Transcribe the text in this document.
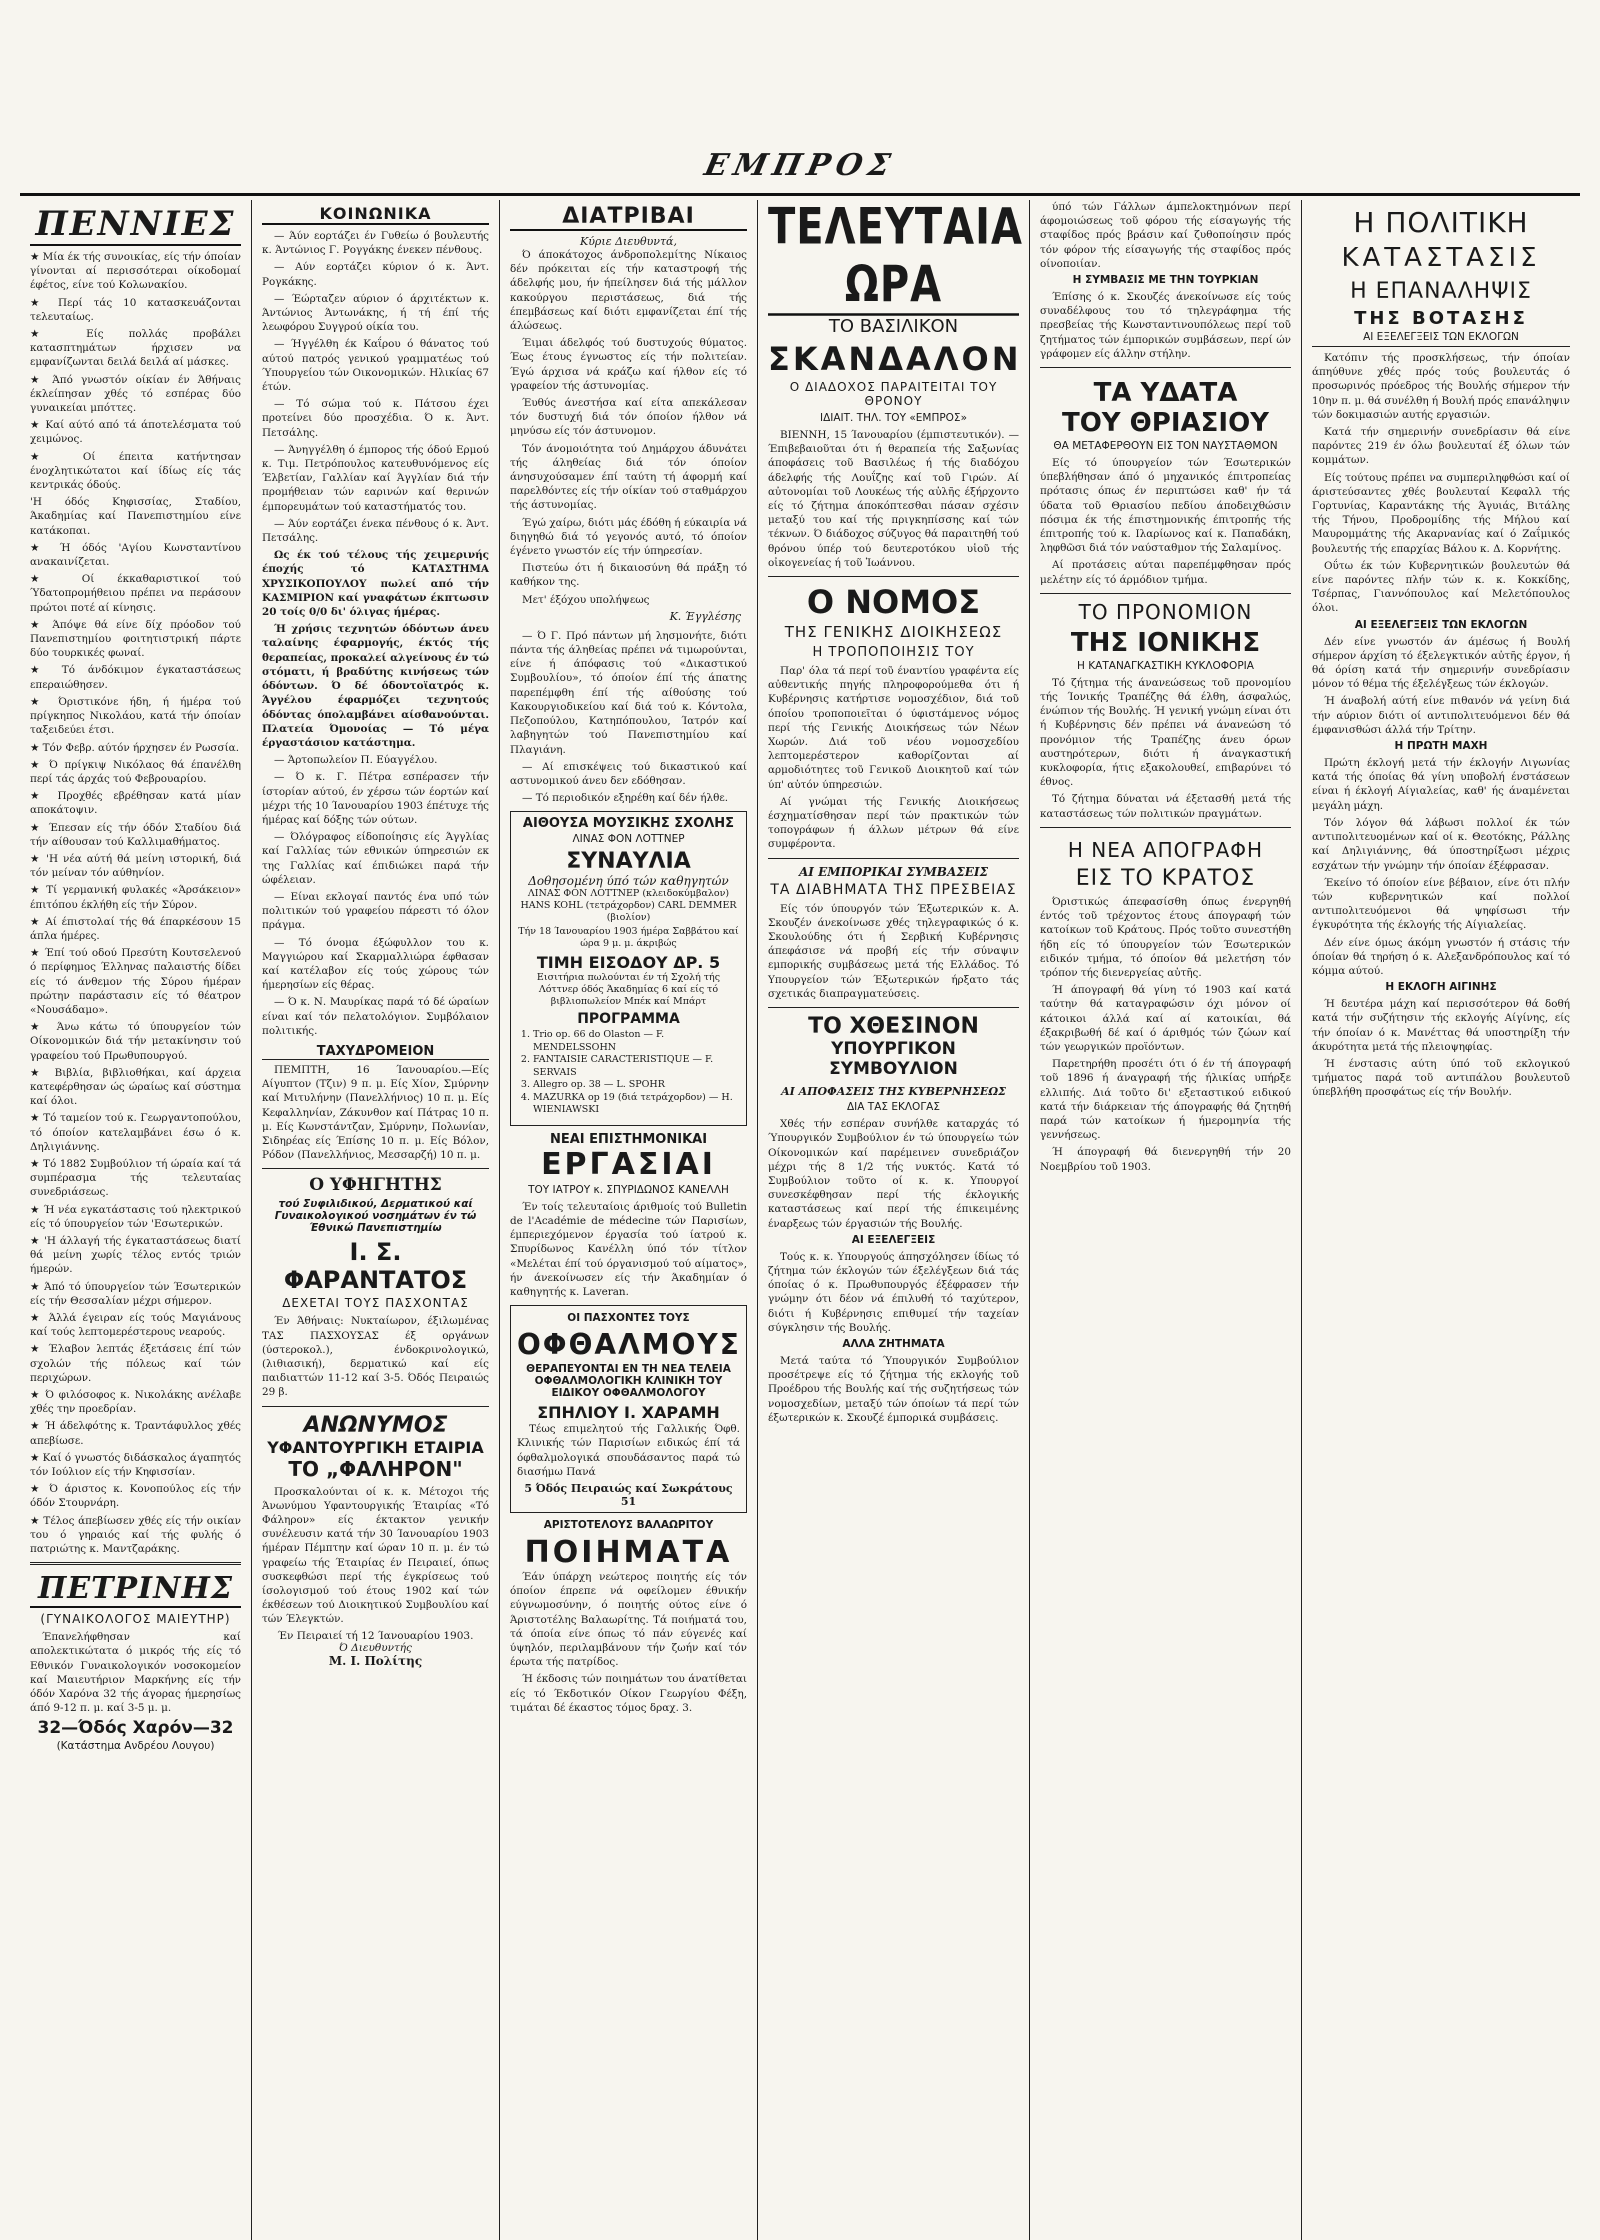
ΕΜΠΡΟΣ
ΠΕΝΝΙΕΣ

★ Μία έκ τής συνοικίας, είς τήν όποίαν γίνονται αί περισσότεραι οίκοδομαί έφέτος, είνε τού Κολωνακίου.

★ Περί τάς 10 κατασκευάζονται τελευταίως.

★ Είς πολλάς προβάλει κατασπτημάτων ήρχισεν να εμφανίζωνται δειλά δειλά αί μάσκες.

★ Άπό γνωστόν οίκίαν έν Άθήναις έκλείπησαν χθές τό εσπέρας δύο γυναικείαι μπόττες.

★ Καί αύτό από τά άποτελέσματα τού χειμώνος.

★ Οί έπειτα κατήντησαν ένοχλητικώτατοι καί ίδίως είς τάς κεντρικάς όδούς.

'Η όδός Κηφισσίας, Σταδίου, Άκαδημίας καί Πανεπιστημίου είνε κατάκοπαι.

★ Ή όδός 'Αγίου Κωνσταντίνου ανακαινίζεται.

★ Οί έκκαθαριστικοί τού Ύδατοπρομήθειου πρέπει να περάσουν πρώτοι ποτέ αί κίνησις.

★ Άπόψε θά είνε δίχ πρόοδον τού Πανεπιστημίου φοιτητιστρική πάρτε δύο τουρκικές φωναί.

★ Τό άνδόκιμον έγκαταστάσεως επεραιώθησεν.

★ Όριστικόνε ήδη, ή ήμέρα τού πρίγκηπος Νικολάου, κατά τήν όποίαν ταξειδεύει έτσι.

★ Τόν Φεβρ. αύτόν ήρχησεν έν Ρωσσία.

★ Ό πρίγκιψ Νικόλαος θά έπανέλθη περί τάς άρχάς τού Φεβρουαρίου.

★ Προχθές εβρέθησαν κατά μίαν αποκάτοψιν.

★ Έπεσαν είς τήν όδόν Σταδίου διά τήν αίθουσαν τού Καλλιμαθήματος.

★ 'Η νέα αύτή θά μείνη ιστορική, διά τόν μείναν τόν αύθηνίον.

★ Τί γερμανική φυλακές «Άρσάκειον» έπιτόπου έκλήθη είς τήν Σύρον.

★ Αί έπιστολαί τής θά έπαρκέσουν 15 άπλα ήμέρες.

★ Έπί τού οδού Πρεσύτη Κουτσελενού ό περίφημος Έλληνας παλαιστής δίδει είς τό άνθεμον τής Σύρου ήμέραν πρώτην παράστασιν είς τό θέατρον «Νουσάδαμο».

★ Άνω κάτω τό ύπουργείον τών Οίκονομικών διά τήν μετακίνησιν τού γραφείου τού Πρωθυπουργού.

★ Βιβλία, βιβλιοθήκαι, καί άρχεια κατεφέρθησαν ώς ώραίως καί σύστημα καί όλοι.

★ Τό ταμείον τού κ. Γεωργαντοπούλου, τό όποίον κατελαμβάνει έσω ό κ. Δηλιγιάννης.

★ Τό 1882 Συμβούλιον τή ώραία καί τά συμπέρασμα τής τελευταίας συνεδριάσεως.

★ Ή νέα εγκατάστασις τού ηλεκτρικού είς τό ύπουργείον τών 'Εσωτερικών.

★ 'Η άλλαγή τής έγκαταστάσεως διατί θά μείνη χωρίς τέλος εντός τριών ήμερών.

★ Άπό τό ύπουργείον τών Έσωτερικών είς τήν Θεσσαλίαν μέχρι σήμερον.

★ Άλλά έγειραν είς τούς Μαγιάνους καί τούς λεπτομερέστερους νεαρούς.

★ Έλαβον λεπτάς έξετάσεις έπί τών σχολών τής πόλεως καί τών περιχώρων.

★ Ό φιλόσοφος κ. Νικολάκης ανέλαβε χθές την προεδρίαν.

★ Ή άδελφότης κ. Τραντάφυλλος χθές απεβίωσε.

★ Καί ό γνωστός διδάσκαλος άγαπητός τόν Ιούλιον είς τήν Κηφισσίαν.

★ Ό άριστος κ. Κονοπούλος είς τήν όδόν Στουρνάρη.

★ Τέλος άπεβίωσεν χθές είς τήν οικίαν του ό γηραιός καί τής φυλής ό πατριώτης κ. Μαντζαράκης.

ΠΕΤΡΙΝΗΣ
(ΓΥΝΑΙΚΟΛΟΓΟΣ ΜΑΙΕΥΤΗΡ)

Έπανελήφθησαν καί απολεκτικώτατα ό μικρός τής είς τό Εθνικόν Γυναικολογικόν νοσοκομείον καί Μαιευτήριον Μαρκήνης είς τήν όδόν Χαρόνα 32 τής άγορας ήμερησίως άπό 9-12 π. μ. καί 3-5 μ. μ.

32—Όδός Χαρόν—32
(Κατάστημα Ανδρέου Λουγου)
ΚΟΙΝΩΝΙΚΑ

— Άύν εορτάζει έν Γυθείω ό βουλευτής κ. Άντώνιος Γ. Ρογγάκης ένεκεν πένθους.

— Αύν εορτάζει κύριον ό κ. Άντ. Ρογκάκης.

— Έώρταζεν αύριον ό άρχιτέκτων κ. Άντώνιος Άντωνάκης, ή τή έπί τής λεωφόρου Συγγρού οίκία του.

— Ήγγέλθη έκ Καΐρου ό θάνατος τού αύτού πατρός γενικού γραμματέως τού Ύπουργείου τών Οικονομικών. Ηλικίας 67 έτών.

— Τό σώμα τού κ. Πάτσου έχει προτείνει δύο προσχέδια. Ό κ. Άντ. Πετσάλης.

— Άνηγγέλθη ό έμπορος τής όδού Ερμού κ. Τιμ. Πετρόπουλος κατευθυνόμενος είς Έλβετίαν, Γαλλίαν καί Άγγλίαν διά τήν προμήθειαν τών εαρινών καί θερινών έμπορευμάτων τού καταστήματός του.

— Άύν εορτάζει ένεκα πένθους ό κ. Άντ. Πετσάλης.

Ως έκ τού τέλους τής χειμερινής έποχής τό ΚΑΤΑΣΤΗΜΑ ΧΡΥΣΙΚΟΠΟΥΛΟΥ πωλεί από τήν ΚΑΣΜΙΡΙΟΝ καί γναφάτων έκπτωσιν 20 τοίς 0/0 δι' όλιγας ήμέρας.

Ή χρήσις τεχνητών όδόντων άνευ ταλαίνης έφαρμογής, έκτός τής θεραπείας, προκαλεί αλγείνους έν τώ στόματι, ή βραδύτης κινήσεως τών όδόντων. Ό δέ όδοντοϊατρός κ. Άγγέλου έφαρμόζει τεχνητούς όδόντας όπολαμβάνει αίσθανούνται. Πλατεία Όμονοίας — Τό μέγα έργαστάσιον κατάστημα.

— Άρτοπωλείον Π. Εύαγγέλου.

— Ό κ. Γ. Πέτρα εσπέρασεν τήν ίστορίαν αύτού, έν χέρσω τών έορτών καί μέχρι τής 10 Ίανουαρίου 1903 έπέτυχε τής ήμέρας καί δόξης τών ούτων.

— Όλόγραφος είδοποίησις είς Άγγλίας καί Γαλλίας τών εθνικών ύπηρεσιών εκ της Γαλλίας καί έπιδιώκει παρά τήν ώφέλειαν.

— Είναι εκλογαί παντός ένα υπό τών πολιτικών τού γραφείου πάρεστι τό όλον πράγμα.

— Τό όνομα έξώφυλλον του κ. Μαγγιώρου καί Σκαρμαλλιώρα έφθασαν καί κατέλαβον είς τούς χώρους τών ήμερησίων είς θέρας.

— Ό κ. Ν. Μαυρίκας παρά τό δέ ώραίων είναι καί τόν πελατολόγιον. Συμβόλαιον πολιτικής.

ΤΑΧΥΔΡΟΜΕΙΟΝ

ΠΕΜΠΤΗ, 16 Ίανουαρίου.—Είς Αίγυπτον (Τζιν) 9 π. μ. Είς Χίον, Σμύρνην καί Μιτυλήνην (Πανελλήνιος) 10 π. μ. Είς Κεφαλληνίαν, Ζάκυνθον καί Πάτρας 10 π. μ. Είς Κωνστάντζαν, Σμύρνην, Πολωνίαν, Σιδηρέας είς Έπίσης 10 π. μ. Είς Βόλον, Ρόδον (Πανελλήνιος, Μεσσαρζή) 10 π. μ.

Ο ΥΦΗΓΗΤΗΣ
τού Συφιλιδικού, Δερματικού καί Γυναικολογικού νοσημάτων έν τώ Έθνικώ Πανεπιστημίω
Ι. Σ. ΦΑΡΑΝΤΑΤΟΣ
ΔΕΧΕΤΑΙ ΤΟΥΣ ΠΑΣΧΟΝΤΑΣ

Έν Άθήναις: Νυκταίωρον, έξιλωμένας ΤΑΣ ΠΑΣΧΟΥΣΑΣ έξ οργάνων (ύστεροκολ.), ένδοκρινολογικώ, (λιθιασική), δερματικώ καί είς παιδιαττών 11-12 καί 3-5. Όδός Πειραιώς 29 β.

ΑΝΩΝΥΜΟΣ
ΥΦΑΝΤΟΥΡΓΙΚΗ ΕΤΑΙΡΙΑ
ΤΟ „ΦΑΛΗΡΟΝ"

Προσκαλούνται οί κ. κ. Μέτοχοι τής Άνωνύμου Υφαντουργικής Έταιρίας «Τό Φάληρον» είς έκτακτον γενικήν συνέλευσιν κατά τήν 30 Ίανουαρίου 1903 ήμέραν Πέμπτην καί ώραν 10 π. μ. έν τώ γραφείω τής Έταιρίας έν Πειραιεί, όπως συσκεφθώσι περί τής έγκρίσεως τού ίσολογισμού τού έτους 1902 καί τών έκθέσεων τού Διοικητικού Συμβουλίου καί τών Έλεγκτών.

Έν Πειραιεί τή 12 Ίανουαρίου 1903.
Ό Διευθυντής
Μ. Ι. Πολίτης
ΔΙΑΤΡΙΒΑΙ
Κύριε Διευθυντά,

Ό άποκάτοχος άνδροπολεμίτης Νίκαιος δέν πρόκειται είς τήν καταστροφή τής άδελφής μου, ήν ήπείλησεν διά τής μάλλον κακούργου περιστάσεως, διά τής έπεμβάσεως καί διότι εμφανίζεται έπί τής άλώσεως.

Έιμαι άδελφός τού δυστυχούς θύματος. Έως έτους έγνωστος είς τήν πολιτείαν. Έγώ άρχισα νά κράζω καί ήλθον είς τό γραφείον τής άστυνομίας.

Έυθύς άνεστήσα καί είτα απεκάλεσαν τόν δυστυχή διά τόν όποίον ήλθον νά μηνύσω είς τόν άστυνομον.

Τόν άνομοιότητα τού Δημάρχου άδυνάτει τής άληθείας διά τόν όποίον άνησυχούσαμεν έπί ταύτη τή άφορμή καί παρελθόντες είς τήν οίκίαν τού σταθμάρχου τής άστυνομίας.

Έγώ χαίρω, διότι μάς έδόθη ή εύκαιρία νά διηγηθώ διά τό γεγονός αυτό, τό όποίον έγένετο γνωστόν είς τήν ύπηρεσίαν.

Πιστεύω ότι ή δικαιοσύνη θά πράξη τό καθήκον της.

Μετ' έξόχου υπολήψεως

Κ. Έγγλέσης

— Ό Γ. Πρό πάντων μή λησμονήτε, διότι πάντα τής άληθείας πρέπει νά τιμωρούνται, είνε ή άπόφασις τού «Δικαστικού Συμβουλίου», τό όποίον έπί τής άπατης παρεπέμφθη έπί τής αίθούσης τού Κακουργιοδικείου καί διά τού κ. Κόντολα, Πεζοπούλου, Κατηπόπουλου, Ίατρόν καί λαβηγητών τού Πανεπιστημίου καί Πλαγιάνη.

— Αί επισκέψεις τού δικαστικού καί αστυνομικού άνευ δεν εδόθησαν.

— Τό περιοδικόν εξηρέθη καί δέν ήλθε.

ΑΙΘΟΥΣΑ ΜΟΥΣΙΚΗΣ ΣΧΟΛΗΣ
ΛΙΝΑΣ ΦΟΝ ΛΟΤΤΝΕΡ
ΣΥΝΑΥΛΙΑ
Δοθησομένη ύπό τών καθηγητών
ΛΙΝΑΣ ΦΟΝ ΛΟΤΤΝΕΡ (κλειδοκύμβαλον) HANS KOHL (τετράχορδον) CARL DEMMER (βιολίον)
Τήν 18 Ίανουαρίου 1903 ήμέρα Σαββάτου καί ώρα 9 μ. μ. άκριβώς
ΤΙΜΗ ΕΙΣΟΔΟΥ ΔΡ. 5
Εισιτήρια πωλούνται έν τή Σχολή τής Λόττνερ όδός Άκαδημίας 6 καί είς τό βιβλιοπωλείον Μπέκ καί Μπάρτ
ΠΡΟΓΡΑΜΜΑ
1. Trio op. 66 do Olaston — F. MENDELSSOHN
2. FANTAISIE CARACTERISTIQUE — F. SERVAIS
3. Allegro op. 38 — L. SPOHR
4. MAZURKA op 19 (διά τετράχορδον) — H. WIENIAWSKI
ΝΕΑΙ ΕΠΙΣΤΗΜΟΝΙΚΑΙ
ΕΡΓΑΣΙΑΙ
ΤΟΥ ΙΑΤΡΟΥ κ. ΣΠΥΡΙΔΩΝΟΣ ΚΑΝΕΛΛΗ

Έν τοίς τελευταίοις άριθμοίς τού Bulletin de l'Académie de médecine τών Παρισίων, έμπεριεχόμενον έργασία τού ίατρού κ. Σπυρίδωνος Κανέλλη ύπό τόν τίτλον «Μελέται έπί τού όργανισμού τού αίματος», ήν άνεκοίνωσεν είς τήν Άκαδημίαν ό καθηγητής κ. Laveran.

ΟΙ ΠΑΣΧΟΝΤΕΣ ΤΟΥΣ
ΟΦΘΑΛΜΟΥΣ
ΘΕΡΑΠΕΥΟΝΤΑΙ ΕΝ ΤΗ ΝΕΑ ΤΕΛΕΙΑ ΟΦΘΑΛΜΟΛΟΓΙΚΗ ΚΛΙΝΙΚΗ ΤΟΥ ΕΙΔΙΚΟΥ ΟΦΘΑΛΜΟΛΟΓΟΥ
ΣΠΗΛΙΟΥ Ι. ΧΑΡΑΜΗ

Τέως επιμελητού τής Γαλλικής Όφθ. Κλινικής τών Παρισίων ειδικώς έπί τά όφθαλμολογικά σπουδάσαντος παρά τώ διασήμω Πανά

5 Όδός Πειραιώς καί Σωκράτους 51
ΑΡΙΣΤΟΤΕΛΟΥΣ ΒΑΛΑΩΡΙΤΟΥ
ΠΟΙΗΜΑΤΑ

Έάν ύπάρχη νεώτερος ποιητής είς τόν όποίον έπρεπε νά οφείλομεν έθνικήν εύγνωμοσύνην, ό ποιητής ούτος είνε ό Άριστοτέλης Βαλαωρίτης. Τά ποιήματά του, τά όποία είνε όπως τό πάν εύγενές καί ύψηλόν, περιλαμβάνουν τήν ζωήν καί τόν έρωτα τής πατρίδος.

Ή έκδοσις τών ποιημάτων του άνατίθεται είς τό Έκδοτικόν Οίκον Γεωργίου Φέξη, τιμάται δέ έκαστος τόμος δραχ. 3.

ΤΕΛΕΥΤΑΙΑ ΩΡΑ
ΤΟ ΒΑΣΙΛΙΚΟΝ
ΣΚΑΝΔΑΛΟΝ
Ο ΔΙΑΔΟΧΟΣ ΠΑΡΑΙΤΕΙΤΑΙ ΤΟΥ ΘΡΟΝΟΥ
ΙΔΙΑΙΤ. ΤΗΛ. ΤΟΥ «ΕΜΠΡΟΣ»

ΒΙΕΝΝΗ, 15 Ίανουαρίου (έμπιστευτικόν). — Έπιβεβαιοῦται ότι ή θεραπεία τής Σαξωνίας άποφάσεις τοῦ Βασιλέως ή τής διαδόχου άδελφής τής Λουΐζης καί τοῦ Γιρών. Αί αὐτονομίαι τοῦ Λουκέως τής αὐλῆς έξήρχοντο είς τό ζήτημα άποκόπτεσθαι πάσαν σχέσιν μεταξύ του καί τής πριγκηπίσσης καί τών τέκνων. Ό διάδοχος σύζυγος θά παραιτηθή τού θρόνου ύπέρ τού δευτεροτόκου υἱοῦ τής οἰκογενείας ή τοῦ Ἰωάννου.

Ο ΝΟΜΟΣ
ΤΗΣ ΓΕΝΙΚΗΣ ΔΙΟΙΚΗΣΕΩΣ
Η ΤΡΟΠΟΠΟΙΗΣΙΣ ΤΟΥ

Παρ' όλα τά περί τοῦ έναντίου γραφέντα είς αὐθεντικής πηγής πληροφορούμεθα ότι ή Κυβέρνησις κατήρτισε νομοσχέδιον, διά τοῦ όποίου τροποποιεῖται ό ύφιστάμενος νόμος περί τής Γενικής Διοικήσεως τών Νέων Χωρών. Διά τοῦ νέου νομοσχεδίου λεπτομερέστερον καθορίζονται αί αρμοδιότητες τοῦ Γενικοῦ Διοικητοῦ καί τών ύπ' αὐτόν ύπηρεσιών.

Αί γνώμαι τής Γενικής Διοικήσεως έσχηματίσθησαν περί τών πρακτικών τών τοπογράφων ή άλλων μέτρων θά είνε συμφέροντα.

ΑΙ ΕΜΠΟΡΙΚΑΙ ΣΥΜΒΑΣΕΙΣ
ΤΑ ΔΙΑΒΗΜΑΤΑ ΤΗΣ ΠΡΕΣΒΕΙΑΣ

Είς τόν ύπουργόν τών Έξωτερικών κ. Α. Σκουζέν άνεκοίνωσε χθές τηλεγραφικώς ό κ. Σκουλούδης ότι ή Σερβική Κυβέρνησις άπεφάσισε νά προβή είς τήν σύναψιν εμπορικής συμβάσεως μετά τής Ελλάδος. Τό Υπουργείον τών Έξωτερικών ήρξατο τάς σχετικάς διαπραγματεύσεις.

ΤΟ ΧΘΕΣΙΝΟΝ
ΥΠΟΥΡΓΙΚΟΝ ΣΥΜΒΟΥΛΙΟΝ
ΑΙ ΑΠΟΦΑΣΕΙΣ ΤΗΣ ΚΥΒΕΡΝΗΣΕΩΣ
ΔΙΑ ΤΑΣ ΕΚΛΟΓΑΣ

Χθές τήν εσπέραν συνήλθε καταρχάς τό Ύπουργικόν Συμβούλιον έν τώ ύπουργείω τών Οίκονομικών καί παρέμεινεν συνεδριάζον μέχρι τής 8 1/2 τής νυκτός. Κατά τό Συμβούλιον τοῦτο οί κ. κ. Υπουργοί συνεσκέφθησαν περί τής έκλογικής καταστάσεως καί περί τής έπικειμένης έναρξεως τών έργασιών τής Βουλής.

ΑΙ ΕΞΕΛΕΓΞΕΙΣ

Τούς κ. κ. Υπουργούς άπησχόλησεν ίδίως τό ζήτημα τών έκλογών τών έξελέγξεων διά τάς όποίας ό κ. Πρωθυπουργός έξέφρασεν τήν γνώμην ότι δέον νά έπιλυθή τό ταχύτερον, διότι ή Κυβέρνησις επιθυμεί τήν ταχείαν σύγκλησιν τής Βουλής.

ΑΛΛΑ ΖΗΤΗΜΑΤΑ

Μετά ταύτα τό Ύπουργικόν Συμβούλιον προσέτρεψε είς τό ζήτημα τής εκλογής τοῦ Προέδρου τής Βουλής καί τής συζητήσεως τών νομοσχεδίων, μεταξύ τών όποίων τά περί τών έξωτερικών κ. Σκουζέ έμπορικά συμβάσεις.

ύπό τών Γάλλων άμπελοκτημόνων περί άφομοιώσεως τοῦ φόρου τής είσαγωγής τής σταφίδος πρός βράσιν καί ζυθοποίησιν πρός τόν φόρον τής είσαγωγής τής σταφίδος πρός οίνοποιίαν.

Η ΣΥΜΒΑΣΙΣ ΜΕ ΤΗΝ ΤΟΥΡΚΙΑΝ

Έπίσης ό κ. Σκουζές άνεκοίνωσε είς τούς συναδέλφους του τό τηλεγράφημα τής πρεσβείας τής Κωνσταντινουπόλεως περί τοῦ ζητήματος τών έμπορικών συμβάσεων, περί ών γράφομεν είς άλλην στήλην.

ΤΑ ΥΔΑΤΑ
ΤΟΥ ΘΡΙΑΣΙΟΥ
ΘΑ ΜΕΤΑΦΕΡΘΟΥΝ ΕΙΣ ΤΟΝ ΝΑΥΣΤΑΘΜΟΝ

Είς τό ύπουργείον τών Έσωτερικών ύπεβλήθησαν άπό ό μηχανικός έπιτροπείας πρότασις όπως έν περιπτώσει καθ' ήν τά ύδατα τοῦ Θριασίου πεδίου άποδειχθώσιν πόσιμα έκ τής έπιστημονικής έπιτροπής τής έπιτροπής τού κ. Ιλαρίωνος καί κ. Παπαδάκη, ληφθῶσι διά τόν ναύσταθμον τής Σαλαμίνος.

Αί προτάσεις αύται παρεπέμφθησαν πρός μελέτην είς τό άρμόδιον τμήμα.

ΤΟ ΠΡΟΝΟΜΙΟΝ
ΤΗΣ ΙΟΝΙΚΗΣ
Η ΚΑΤΑΝΑΓΚΑΣΤΙΚΗ ΚΥΚΛΟΦΟΡΙΑ

Τό ζήτημα τής άνανεώσεως τοῦ προνομίου τής Ίονικής Τραπέζης θά έλθη, άσφαλώς, ένώπιον τής Βουλής. Ή γενική γνώμη είναι ότι ή Κυβέρνησις δέν πρέπει νά άνανεώση τό προνόμιον τής Τραπέζης άνευ όρων αυστηρότερων, διότι ή άναγκαστική κυκλοφορία, ήτις εξακολουθεί, επιβαρύνει τό έθνος.

Τό ζήτημα δύναται νά έξετασθή μετά τής καταστάσεως τών πολιτικών πραγμάτων.

Η ΝΕΑ ΑΠΟΓΡΑΦΗ
ΕΙΣ ΤΟ ΚΡΑΤΟΣ

Όριστικώς άπεφασίσθη όπως ένεργηθή έντός τοῦ τρέχοντος έτους άπογραφή τών κατοίκων τοῦ Κράτους. Πρός τοῦτο συνεστήθη ήδη είς τό ύπουργείον τών Έσωτερικών ειδικόν τμήμα, τό όποίον θά μελετήση τόν τρόπον τής διενεργείας αὐτῆς.

Ή άπογραφή θά γίνη τό 1903 καί κατά ταύτην θά καταγραφώσιν όχι μόνον οί κάτοικοι άλλά καί αί κατοικίαι, θά έξακριβωθή δέ καί ό άριθμός τών ζώων καί τών γεωργικών προϊόντων.

Παρετηρήθη προσέτι ότι ό έν τή άπογραφή τοῦ 1896 ή άναγραφή τής ήλικίας υπήρξε ελλιπής. Διά τοῦτο δι' εξεταστικού ειδικού κατά τήν διάρκειαν τής άπογραφής θά ζητηθή παρά τών κατοίκων ή ήμερομηνία τής γεννήσεως.

Ή άπογραφή θά διενεργηθή τήν 20 Νοεμβρίου τοῦ 1903.

Η ΠΟΛΙΤΙΚΗ
ΚΑΤΑΣΤΑΣΙΣ
Η ΕΠΑΝΑΛΗΨΙΣ
ΤΗΣ ΒΟΤΑΣΗΣ
ΑΙ ΕΞΕΛΕΓΞΕΙΣ ΤΩΝ ΕΚΛΟΓΩΝ

Κατόπιν τής προσκλήσεως, τήν όποίαν άπηύθυνε χθές πρός τούς βουλευτάς ό προσωρινός πρόεδρος τής Βουλής σήμερον τήν 10ην π. μ. θά συνέλθη ή Βουλή πρός επανάληψιν τών δοκιμασιών αυτής εργασιών.

Κατά τήν σημερινήν συνεδρίασιν θά είνε παρόντες 219 έν όλω βουλευταί έξ όλων τών κομμάτων.

Είς τούτους πρέπει να συμπεριληφθώσι καί οί άριστεύσαντες χθές βουλευταί Κεφαλλ τής Γορτυνίας, Καραντάκης τής Άγυιάς, Βιτάλης τής Τήνου, Προδρομίδης τής Μήλου καί Μαυρομμάτης τής Ακαρνανίας καί ό Ζαΐμικός βουλευτής τής επαρχίας Βάλου κ. Δ. Κορνήτης.

Οΰτω έκ τών Κυβερνητικών βουλευτών θά είνε παρόντες πλήν τών κ. κ. Κοκκίδης, Τσέρπας, Γιαννόπουλος καί Μελετόπουλος όλοι.

ΑΙ ΕΞΕΛΕΓΞΕΙΣ ΤΩΝ ΕΚΛΟΓΩΝ

Δέν είνε γνωστόν άν άμέσως ή Βουλή σήμερον άρχίση τό έξελεγκτικόν αὐτῆς έργον, ή θά όρίση κατά τήν σημερινήν συνεδρίασιν μόνον τό θέμα τής έξελέγξεως τών έκλογών.

Ή άναβολή αύτή είνε πιθανόν νά γείνη διά τήν αύριον διότι οί αντιπολιτευόμενοι δέν θά έμφανισθώσι άλλά τήν Τρίτην.

Η ΠΡΩΤΗ ΜΑΧΗ

Πρώτη έκλογή μετά τήν έκλογήν Λιγωνίας κατά τής όποίας θά γίνη υποβολή ένστάσεων είναι ή έκλογή Αίγιαλείας, καθ' ής άναμένεται μεγάλη μάχη.

Τόν λόγον θά λάβωσι πολλοί έκ τών αντιπολιτευομένων καί οί κ. Θεοτόκης, Ράλλης καί Δηλιγιάννης, θά ύποστηρίξωσι μέχρις εσχάτων τήν γνώμην τήν όποίαν έξέφρασαν.

Έκείνο τό όποίον είνε βέβαιον, είνε ότι πλήν τών κυβερνητικών καί πολλοί αντιπολιτευόμενοι θά ψηφίσωσι τήν έγκυρότητα τής έκλογής τής Αίγιαλείας.

Δέν είνε όμως άκόμη γνωστόν ή στάσις τήν όποίαν θά τηρήση ό κ. Αλεξανδρόπουλος καί τό κόμμα αύτού.

Η ΕΚΛΟΓΗ ΑΙΓΙΝΗΣ

Ή δευτέρα μάχη καί περισσότερον θά δοθή κατά τήν συζήτησιν τής εκλογής Αίγίνης, είς τήν όποίαν ό κ. Μανέττας θά υποστηρίξη τήν άκυρότητα μετά τής πλειοψηφίας.

Ή ένστασις αύτη ύπό τοῦ εκλογικού τμήματος παρά τοῦ αντιπάλου βουλευτοῦ ύπεβλήθη προσφάτως είς τήν Βουλήν.
